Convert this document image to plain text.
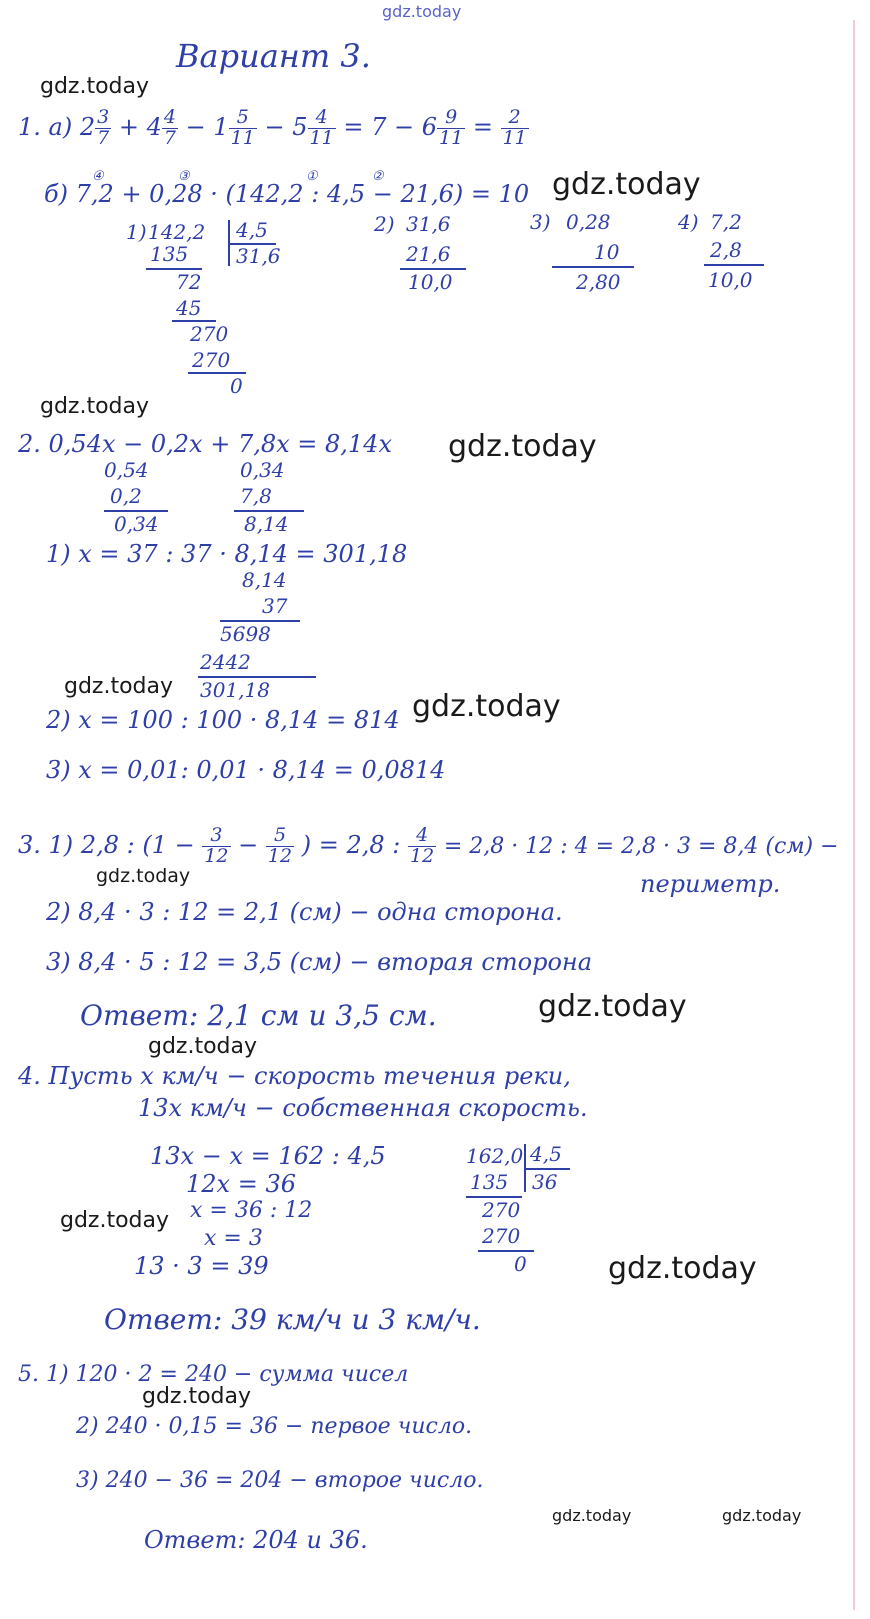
gdz.today
gdz.today
gdz.today
gdz.today
gdz.today
gdz.today
gdz.today
gdz.today
gdz.today
gdz.today
gdz.today
gdz.today
gdz.today
gdz.today	gdz.today
Вариант 3.
1. а) $2 \frac{3}{7} + 4 \frac{4}{7} - 1 \frac{5}{11} - 5 \frac{4}{11} = 7 - 6 \frac{9}{11} = \frac{2}{11}$
④	③	①	②
б) 7,2 + 0,28 · (142,2 : 4,5 − 21,6) = 10
1) 142,2 4,5
31,6
135
72
45
270
270
0
2) 31,6
21,6
10,0
3) 0,28
10
2,80
4) 7,2
2,8
10,0
2. 0,54x − 0,2x + 7,8x = 8,14x
0,54
0,2
0,34
0,34
7,8
8,14
1) x = 37 : 37 · 8,14 = 301,18
8,14
37
5698
2442
301,18
2) x = 100 : 100 · 8,14 = 814
3) x = 0,01: 0,01 · 8,14 = 0,0814
3. 1) 2,8 : ($1 - \frac{3}{12} - \frac{5}{12}$ ) = 2,8 : $\frac{4}{12} = 2,8 \cdot 12$ : 4 = 2,8 · 3 = 8,4 (см) −
периметр.
2) 8,4 · 3 : 12 = 2,1 (см) − одна сторона.
3) 8,4 · 5 : 12 = 3,5 (см) − вторая сторона
Ответ: 2,1 см и 3,5 см.
4. Пусть x км/ч − скорость течения реки,
13x км/ч − собственная скорость.
13x − x = 162 : 4,5
12x = 36
x = 36 : 12
x = 3
13 · 3 = 39
162,0 4,5
36
135
270
270
0
Ответ: 39 км/ч и 3 км/ч.
5. 1) 120 · 2 = 240 − сумма чисел
2) 240 · 0,15 = 36 − первое число.
3) 240 − 36 = 204 − второе число.
Ответ: 204 и 36.
